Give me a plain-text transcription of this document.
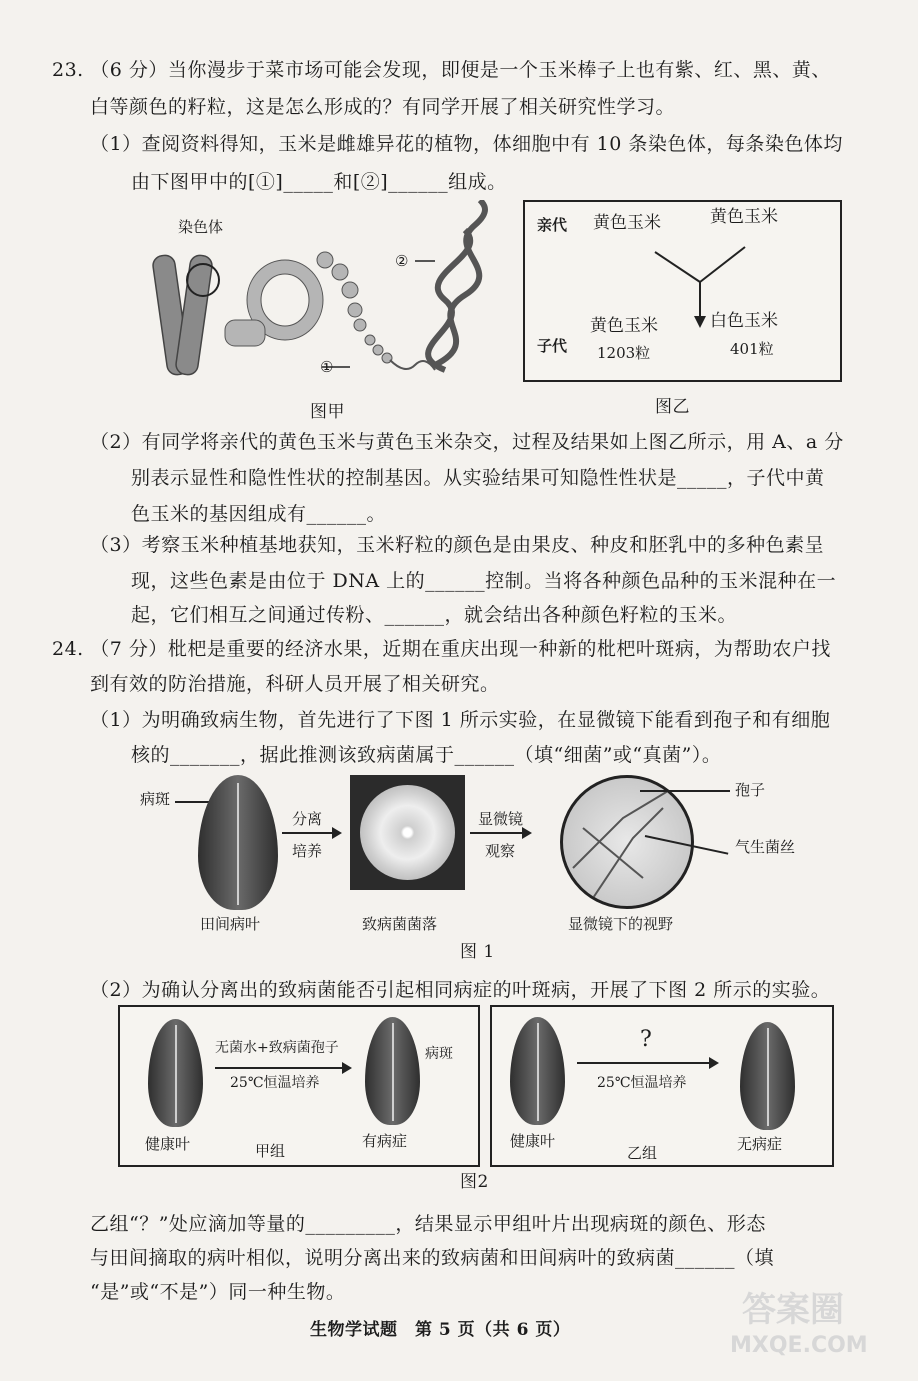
23. （6 分）当你漫步于菜市场可能会发现，即便是一个玉米棒子上也有紫、红、黑、黄、
白等颜色的籽粒，这是怎么形成的？有同学开展了相关研究性学习。
（1）查阅资料得知，玉米是雌雄异花的植物，体细胞中有 10 条染色体，每条染色体均
由下图甲中的[①]_____和[②]______组成。
染色体
①
②
图甲
亲代
子代
黄色玉米	黄色玉米
黄色玉米	白色玉米
1203粒	401粒
图乙
（2）有同学将亲代的黄色玉米与黄色玉米杂交，过程及结果如上图乙所示，用 A、a 分
别表示显性和隐性性状的控制基因。从实验结果可知隐性性状是_____，子代中黄
色玉米的基因组成有______。
（3）考察玉米种植基地获知，玉米籽粒的颜色是由果皮、种皮和胚乳中的多种色素呈
现，这些色素是由位于 DNA 上的______控制。当将各种颜色品种的玉米混种在一
起，它们相互之间通过传粉、______，就会结出各种颜色籽粒的玉米。
24. （7 分）枇杷是重要的经济水果，近期在重庆出现一种新的枇杷叶斑病，为帮助农户找
到有效的防治措施，科研人员开展了相关研究。
（1）为明确致病生物，首先进行了下图 1 所示实验，在显微镜下能看到孢子和有细胞
核的_______，据此推测该致病菌属于______（填“细菌”或“真菌”）。
病斑
分离
培养
显微镜
观察
孢子
气生菌丝
田间病叶	致病菌菌落	显微镜下的视野
图 1
（2）为确认分离出的致病菌能否引起相同病症的叶斑病，开展了下图 2 所示的实验。
无菌水+致病菌孢子
25℃恒温培养
病斑
健康叶	甲组
有病症
?
25℃恒温培养
健康叶
乙组	无病症
图2
乙组“？”处应滴加等量的_________，结果显示甲组叶片出现病斑的颜色、形态
与田间摘取的病叶相似，说明分离出来的致病菌和田间病叶的致病菌______（填
“是”或“不是”）同一种生物。
生物学试题　第 5 页（共 6 页）	答案圈
MXQE.COM
